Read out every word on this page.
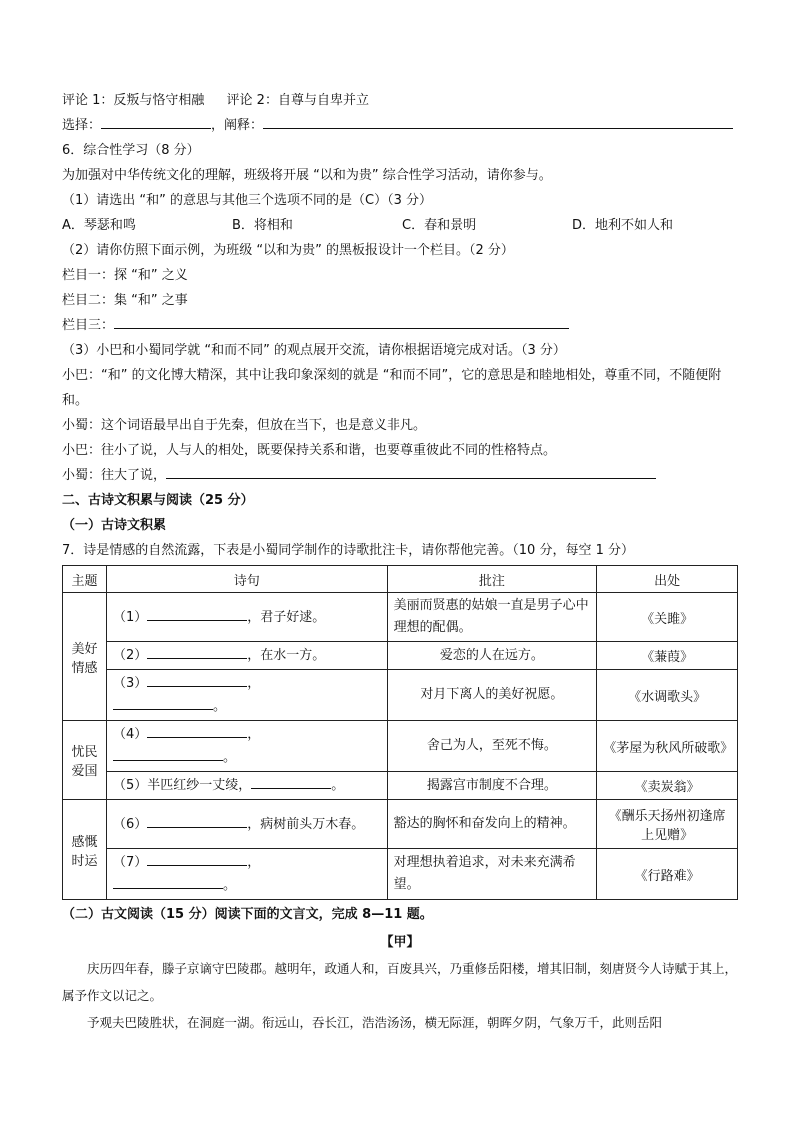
评论 1：反叛与恪守相融 评论 2：自尊与自卑并立
选择：	，阐释：
6．综合性学习（8 分）
为加强对中华传统文化的理解，班级将开展 “以和为贵” 综合性学习活动，请你参与。
（1）请选出 “和” 的意思与其他三个选项不同的是（C）（3 分）
A．琴瑟和鸣	B．将相和	C．春和景明	D．地利不如人和
（2）请你仿照下面示例，为班级 “以和为贵” 的黑板报设计一个栏目。（2 分）
栏目一：探 “和” 之义
栏目二：集 “和” 之事
栏目三：
（3）小巴和小蜀同学就 “和而不同” 的观点展开交流，请你根据语境完成对话。（3 分）
小巴：“和” 的文化博大精深，其中让我印象深刻的就是 “和而不同”，它的意思是和睦地相处，尊重不同，不随便附和。
小蜀：这个词语最早出自于先秦，但放在当下，也是意义非凡。
小巴：往小了说，人与人的相处，既要保持关系和谐，也要尊重彼此不同的性格特点。
小蜀：往大了说，
二、古诗文积累与阅读（25 分）
（一）古诗文积累
7．诗是情感的自然流露，下表是小蜀同学制作的诗歌批注卡，请你帮他完善。（10 分，每空 1 分）
主题	诗句	批注	出处
美好情感	（1） ，君子好逑。	美丽而贤惠的姑娘一直是男子心中理想的配偶。	《关雎》
	（2） ，在水一方。	爱恋的人在远方。	《蒹葭》
	（3） ，
。	对月下离人的美好祝愿。	《水调歌头》
忧民爱国	（4） ，
。	舍己为人，至死不悔。	《茅屋为秋风所破歌》
	（5）半匹红纱一丈绫， 。	揭露宫市制度不合理。	《卖炭翁》
感慨时运	（6） ，病树前头万木春。	豁达的胸怀和奋发向上的精神。	《酬乐天扬州初逢席上见赠》
	（7） ，
。	对理想执着追求，对未来充满希望。	《行路难》
（二）古文阅读（15 分）阅读下面的文言文，完成 8—11 题。
【甲】
庆历四年春，滕子京谪守巴陵郡。越明年，政通人和，百废具兴，乃重修岳阳楼，增其旧制，刻唐贤今人诗赋于其上，属予作文以记之。
予观夫巴陵胜状，在洞庭一湖。衔远山，吞长江，浩浩汤汤，横无际涯，朝晖夕阴，气象万千，此则岳阳
